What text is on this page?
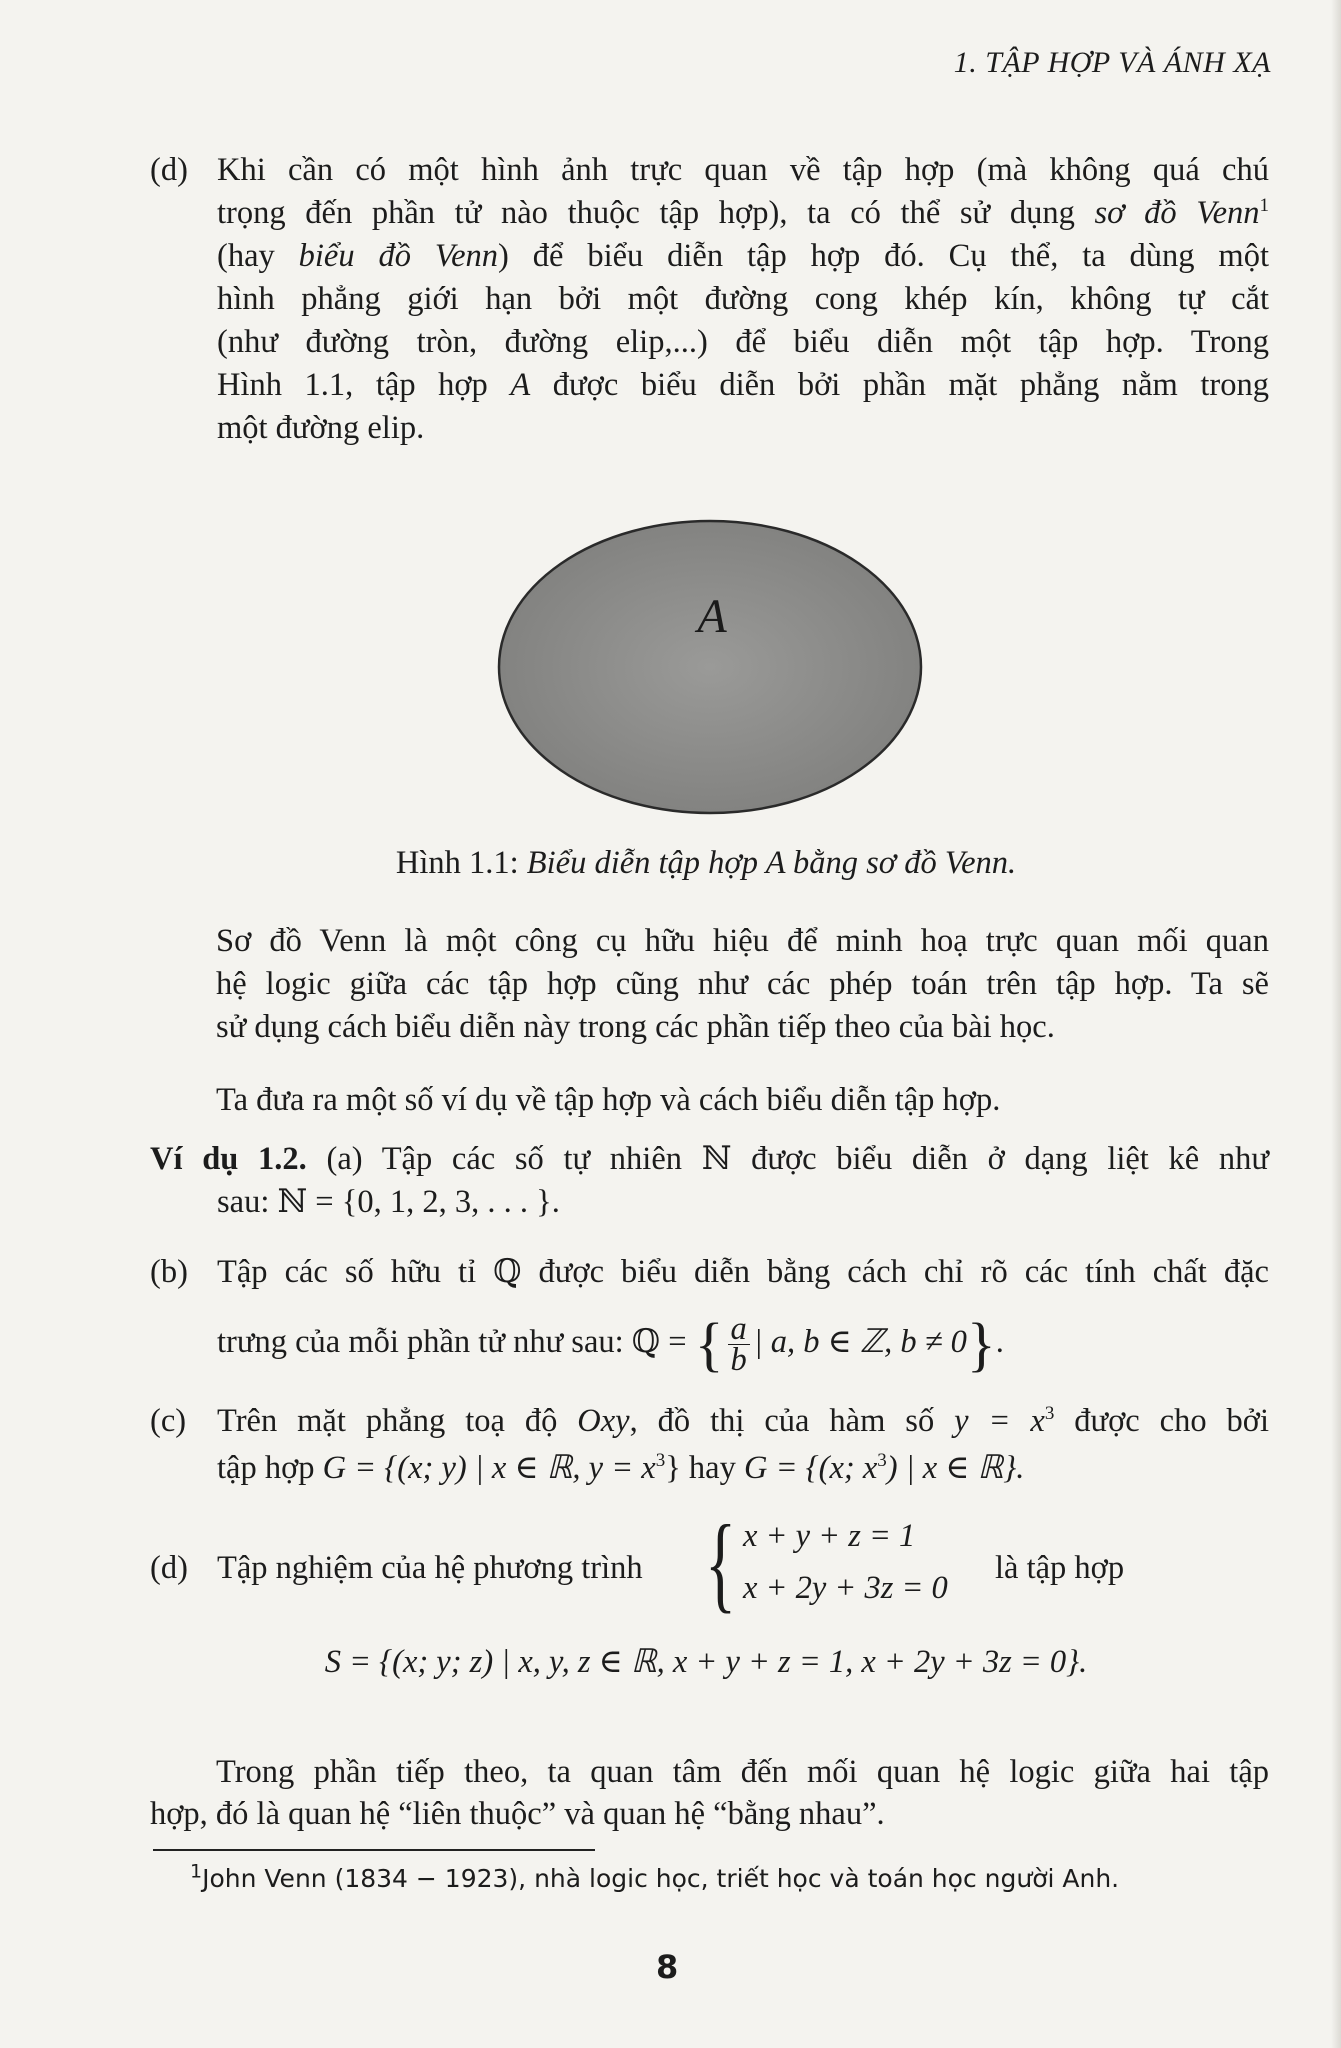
1. TẬP HỢP VÀ ÁNH XẠ
(d) Khi cần có một hình ảnh trực quan về tập hợp (mà không quá chú
trọng đến phần tử nào thuộc tập hợp), ta có thể sử dụng sơ đồ Venn$^1$
(hay biểu đồ Venn) để biểu diễn tập hợp đó. Cụ thể, ta dùng một
hình phẳng giới hạn bởi một đường cong khép kín, không tự cắt
(như đường tròn, đường elip,...) để biểu diễn một tập hợp. Trong
Hình 1.1, tập hợp A được biểu diễn bởi phần mặt phẳng nằm trong
một đường elip.
A
Hình 1.1: Biểu diễn tập hợp A bằng sơ đồ Venn.
Sơ đồ Venn là một công cụ hữu hiệu để minh hoạ trực quan mối quan
hệ logic giữa các tập hợp cũng như các phép toán trên tập hợp. Ta sẽ
sử dụng cách biểu diễn này trong các phần tiếp theo của bài học.
Ta đưa ra một số ví dụ về tập hợp và cách biểu diễn tập hợp.
Ví dụ 1.2. (a) Tập các số tự nhiên ℕ được biểu diễn ở dạng liệt kê như
sau: ℕ = {0, 1, 2, 3, . . . }.
(b) Tập các số hữu tỉ ℚ được biểu diễn bằng cách chỉ rõ các tính chất đặc
trưng của mỗi phần tử như sau: ℚ = { $\frac{a}{b}$ | a, b ∈ ℤ, b ≠ 0}.
(c) Trên mặt phẳng toạ độ Oxy, đồ thị của hàm số $y = x^3$ được cho bởi
tập hợp G = {(x; y) | x ∈ ℝ, $y = x^3$} hay G = {(x; $x^3$) | x ∈ ℝ}.
(d) Tập nghiệm của hệ phương trình { x + y + z = 1
x + 2y + 3z = 0
là tập hợp
S = {(x; y; z) | x, y, z ∈ ℝ, x + y + z = 1, x + 2y + 3z = 0}.
Trong phần tiếp theo, ta quan tâm đến mối quan hệ logic giữa hai tập
hợp, đó là quan hệ “liên thuộc” và quan hệ “bằng nhau”.
$^1$John Venn (1834 − 1923), nhà logic học, triết học và toán học người Anh.
8
